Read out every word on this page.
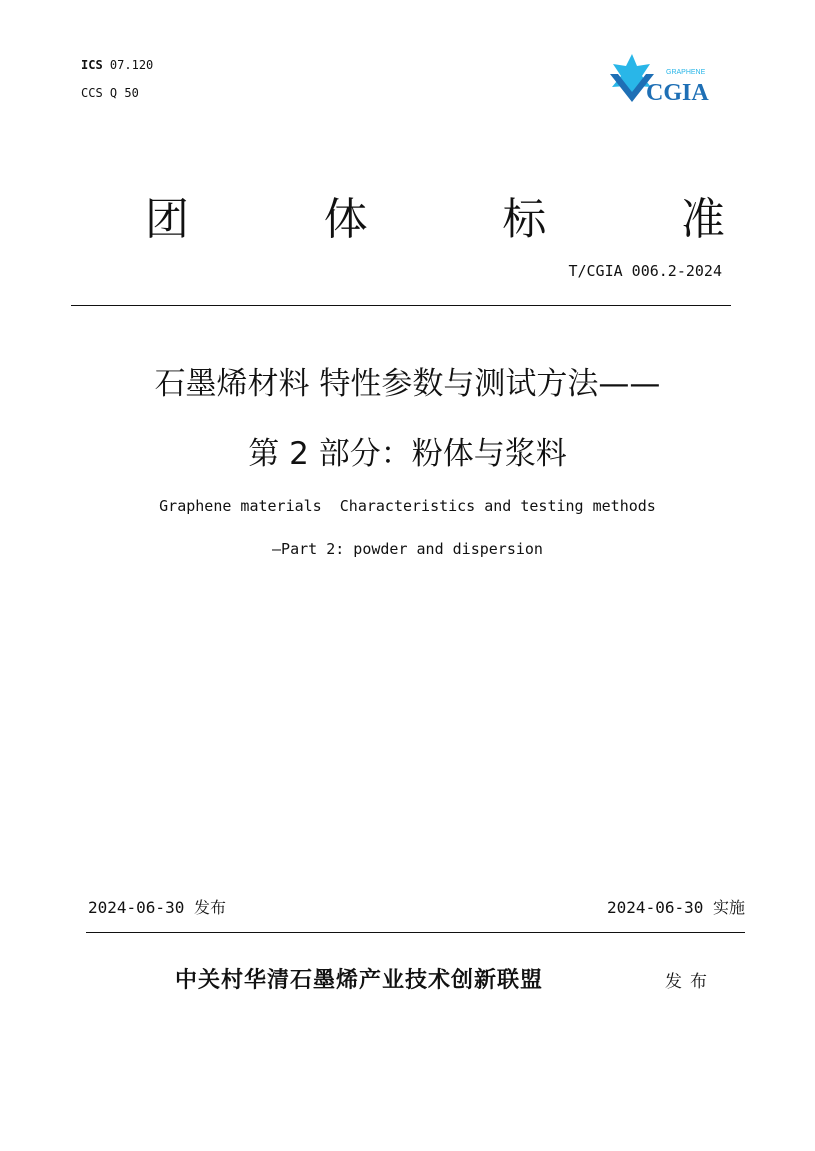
ICS 07.120
CCS Q 50
GRAPHENE
CGIA
团	体	标	准
T/CGIA 006.2-2024
石墨烯材料 特性参数与测试方法——
第 2 部分：粉体与浆料
Graphene materials  Characteristics and testing methods
—Part 2: powder and dispersion
2024-06-30 发布	2024-06-30 实施
中关村华清石墨烯产业技术创新联盟	发布
